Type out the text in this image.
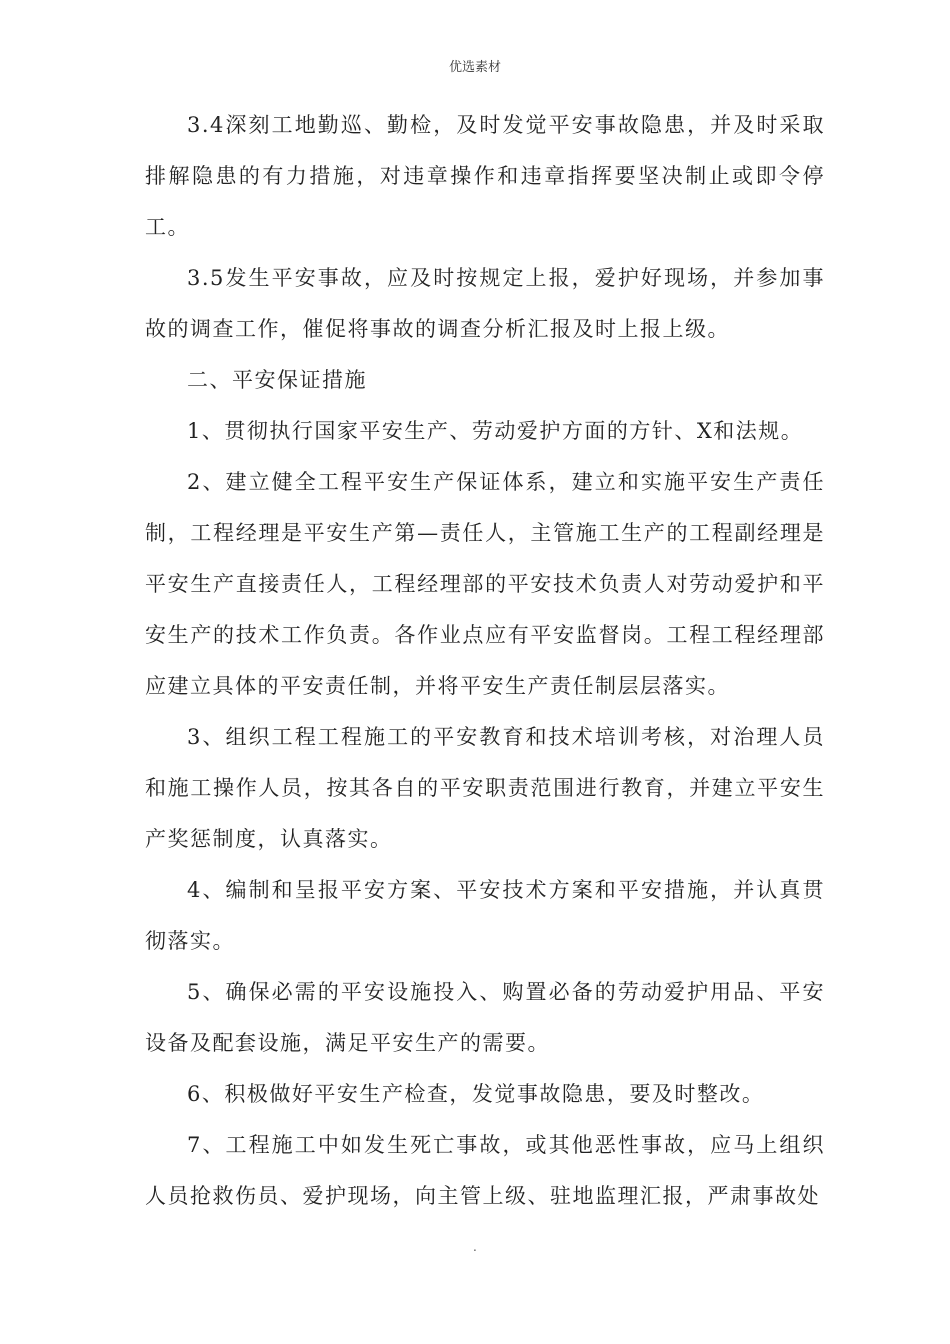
优选素材

3.4深刻工地勤巡、勤检，及时发觉平安事故隐患，并及时采取排解隐患的有力措施，对违章操作和违章指挥要坚决制止或即令停工。

3.5发生平安事故，应及时按规定上报，爱护好现场，并参加事故的调查工作，催促将事故的调查分析汇报及时上报上级。

二、平安保证措施

1、贯彻执行国家平安生产、劳动爱护方面的方针、X和法规。

2、建立健全工程平安生产保证体系，建立和实施平安生产责任制，工程经理是平安生产第—责任人，主管施工生产的工程副经理是平安生产直接责任人，工程经理部的平安技术负责人对劳动爱护和平安生产的技术工作负责。各作业点应有平安监督岗。工程工程经理部应建立具体的平安责任制，并将平安生产责任制层层落实。

3、组织工程工程施工的平安教育和技术培训考核，对治理人员和施工操作人员，按其各自的平安职责范围进行教育，并建立平安生产奖惩制度，认真落实。

4、编制和呈报平安方案、平安技术方案和平安措施，并认真贯彻落实。

5、确保必需的平安设施投入、购置必备的劳动爱护用品、平安设备及配套设施，满足平安生产的需要。

6、积极做好平安生产检查，发觉事故隐患，要及时整改。

7、工程施工中如发生死亡事故，或其他恶性事故，应马上组织人员抢救伤员、爱护现场，向主管上级、驻地监理汇报，严肃事故处

.
